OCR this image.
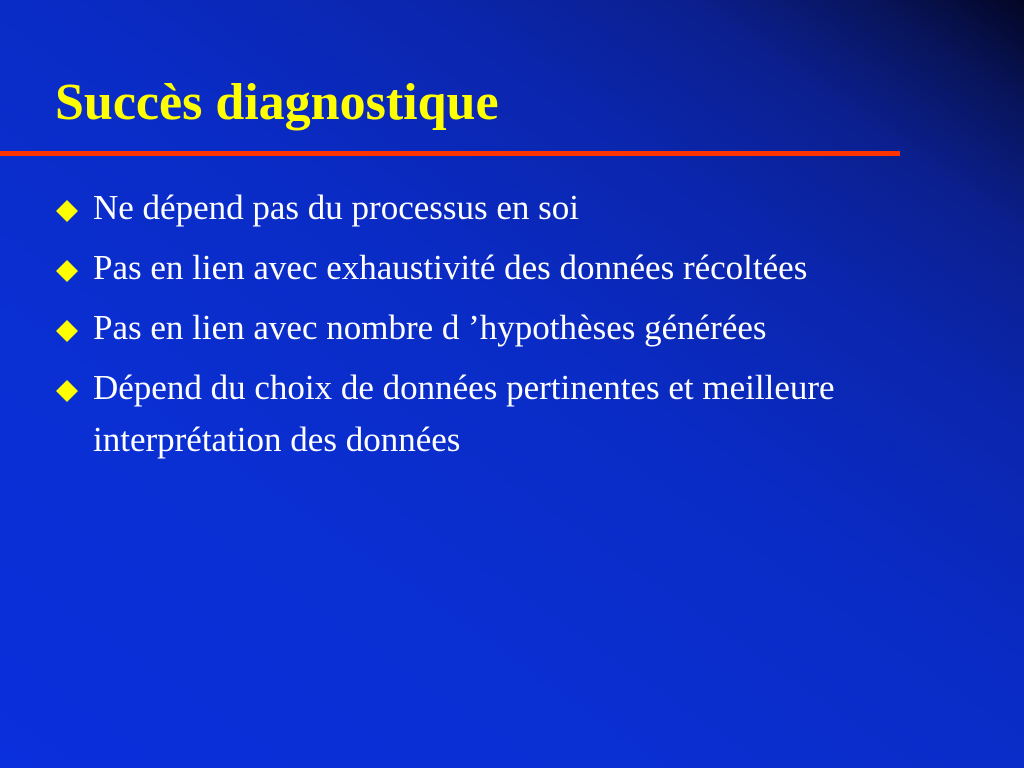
Succès diagnostique
Ne dépend pas du processus en soi
Pas en lien avec exhaustivité des données récoltées
Pas en lien avec nombre d ’hypothèses générées
Dépend du choix de données pertinentes et meilleure interprétation des données
